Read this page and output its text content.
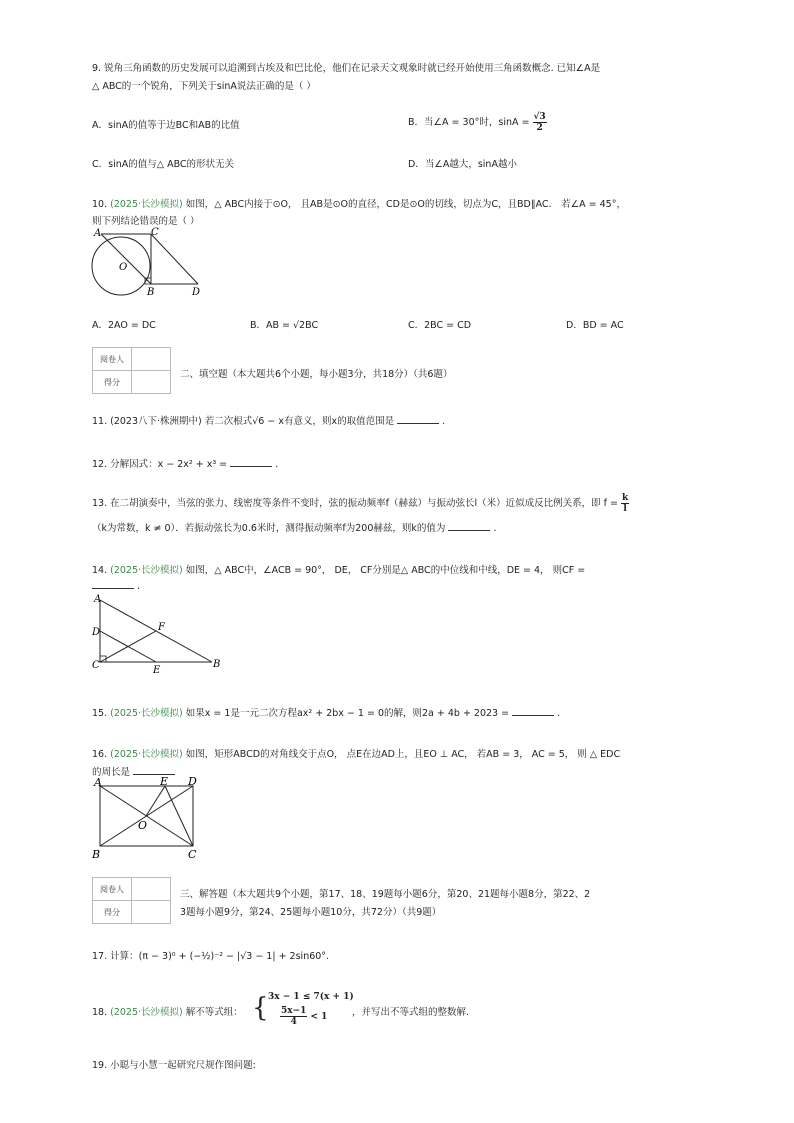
9. 锐角三角函数的历史发展可以追溯到古埃及和巴比伦，他们在记录天文观象时就已经开始使用三角函数概念. 已知∠A是
△ ABC的一个锐角，下列关于sinA说法正确的是（ ）
A．sinA的值等于边BC和AB的比值	B．当∠A = 30°时，$\sin A = \frac{√3}{2}$
C．sinA的值与△ ABC的形状无关	D．当∠A越大，sinA越小
10. (2025·长沙模拟) 如图，△ ABC内接于⊙O， 且AB是⊙O的直径，CD是⊙O的切线，切点为C，且BD∥AC． 若∠A = 45°，
则下列结论错误的是（ ）
A	C
O
B	D
A．2AO = DC	B．AB = √2BC	C．2BC = CD	D．BD = AC
阅卷人	
得分	
二、填空题（本大题共6个小题，每小题3分，共18分）（共6题）
11. (2023八下·株洲期中) 若二次根式√6 − x有意义，则x的取值范围是	.
12. 分解因式：x − 2x² + x³ =	.
13. 在二胡演奏中，当弦的张力、线密度等条件不变时，弦的振动频率f（赫兹）与振动弦长l（米）近似成反比例关系，即 $f = \frac{k}{l}$
（k为常数，k ≠ 0）．若振动弦长为0.6米时，测得振动频率f为200赫兹，则k的值为	.
14. (2025·长沙模拟) 如图，△ ABC中，∠ACB = 90°， DE， CF分别是△ ABC的中位线和中线，DE = 4， 则CF =
.
A
D	F
C	E
B
15. (2025·长沙模拟) 如果x = 1是一元二次方程ax² + 2bx − 1 = 0的解，则2a + 4b + 2023 =	.
16. (2025·长沙模拟) 如图，矩形ABCD的对角线交于点O， 点E在边AD上，且EO ⊥ AC， 若AB = 3， AC = 5， 则 △ EDC
的周长是
A	E D
O
B	C
阅卷人	
得分	
三、解答题（本大题共9个小题，第17、18、19题每小题6分，第20、21题每小题8分，第22、2
3题每小题9分，第24、25题每小题10分，共72分）（共9题）
17. 计算：(π − 3)⁰ + (−½)⁻² − |√3 − 1| + 2sin60°．
18. (2025·长沙模拟) 解不等式组： { 3x − 1 ≤ 7(x + 1)
$\frac{5x-1}{4} < 1$	，并写出不等式组的整数解.
19. 小聪与小慧一起研究尺规作图问题:
